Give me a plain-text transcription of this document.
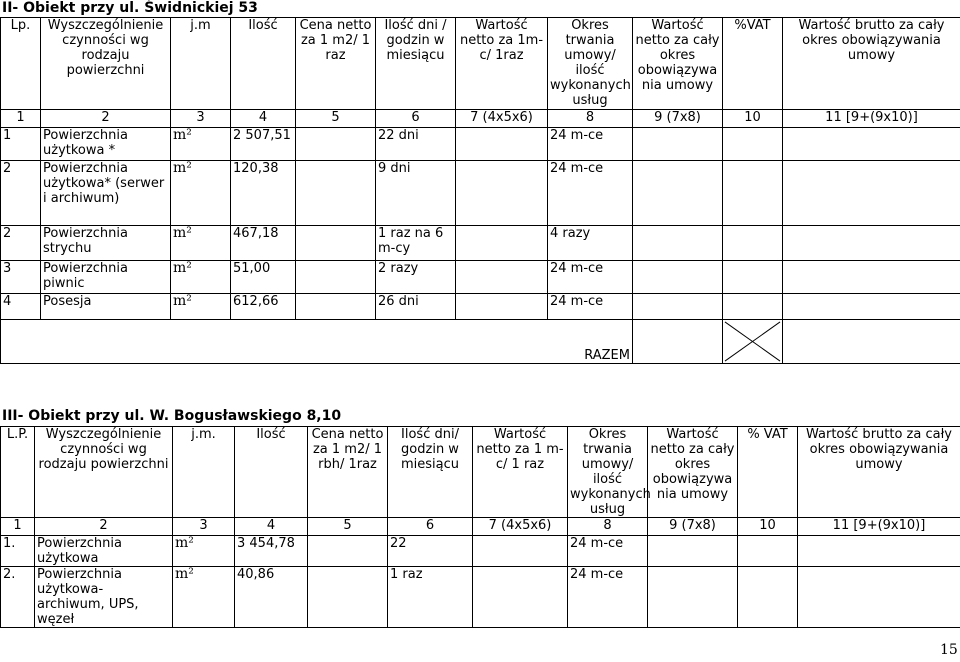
II- Obiekt przy ul. Świdnickiej 53
Lp.	Wyszczególnienie czynności wg rodzaju powierzchni	j.m	Ilość	Cena netto za 1 m2/ 1 raz	Ilość dni / godzin w miesiącu	Wartość netto za 1m-c/ 1raz	Okres trwania umowy/ ilość wykonanych usług	Wartość netto za cały okres obowiązywa nia umowy	%VAT	Wartość brutto za cały okres obowiązywania umowy
1	2	3	4	5	6	7 (4x5x6)	8	9 (7x8)	10	11 [9+(9x10)]
1	Powierzchnia użytkowa *	m²	2 507,51		22 dni		24 m-ce			
2	Powierzchnia użytkowa* (serwer i archiwum)	m²	120,38		9 dni		24 m-ce			
2	Powierzchnia strychu	m²	467,18		1 raz na 6 m-cy		4 razy			
3	Powierzchnia piwnic	m²	51,00		2 razy		24 m-ce			
4	Posesja	m²	612,66		26 dni		24 m-ce			
RAZEM		

III- Obiekt przy ul. W. Bogusławskiego 8,10
L.P.	Wyszczególnienie czynności wg rodzaju powierzchni	j.m.	Ilość	Cena netto za 1 m2/ 1 rbh/ 1raz	Ilość dni/ godzin w miesiącu	Wartość netto za 1 m-c/ 1 raz	Okres trwania umowy/ ilość wykonanych usług	Wartość netto za cały okres obowiązywa nia umowy	% VAT	Wartość brutto za cały okres obowiązywania umowy
1	2	3	4	5	6	7 (4x5x6)	8	9 (7x8)	10	11 [9+(9x10)]
1.	Powierzchnia użytkowa	m²	3 454,78		22		24 m-ce			
2.	Powierzchnia użytkowa-archiwum, UPS, węzeł	m²	40,86		1 raz		24 m-ce			
15
